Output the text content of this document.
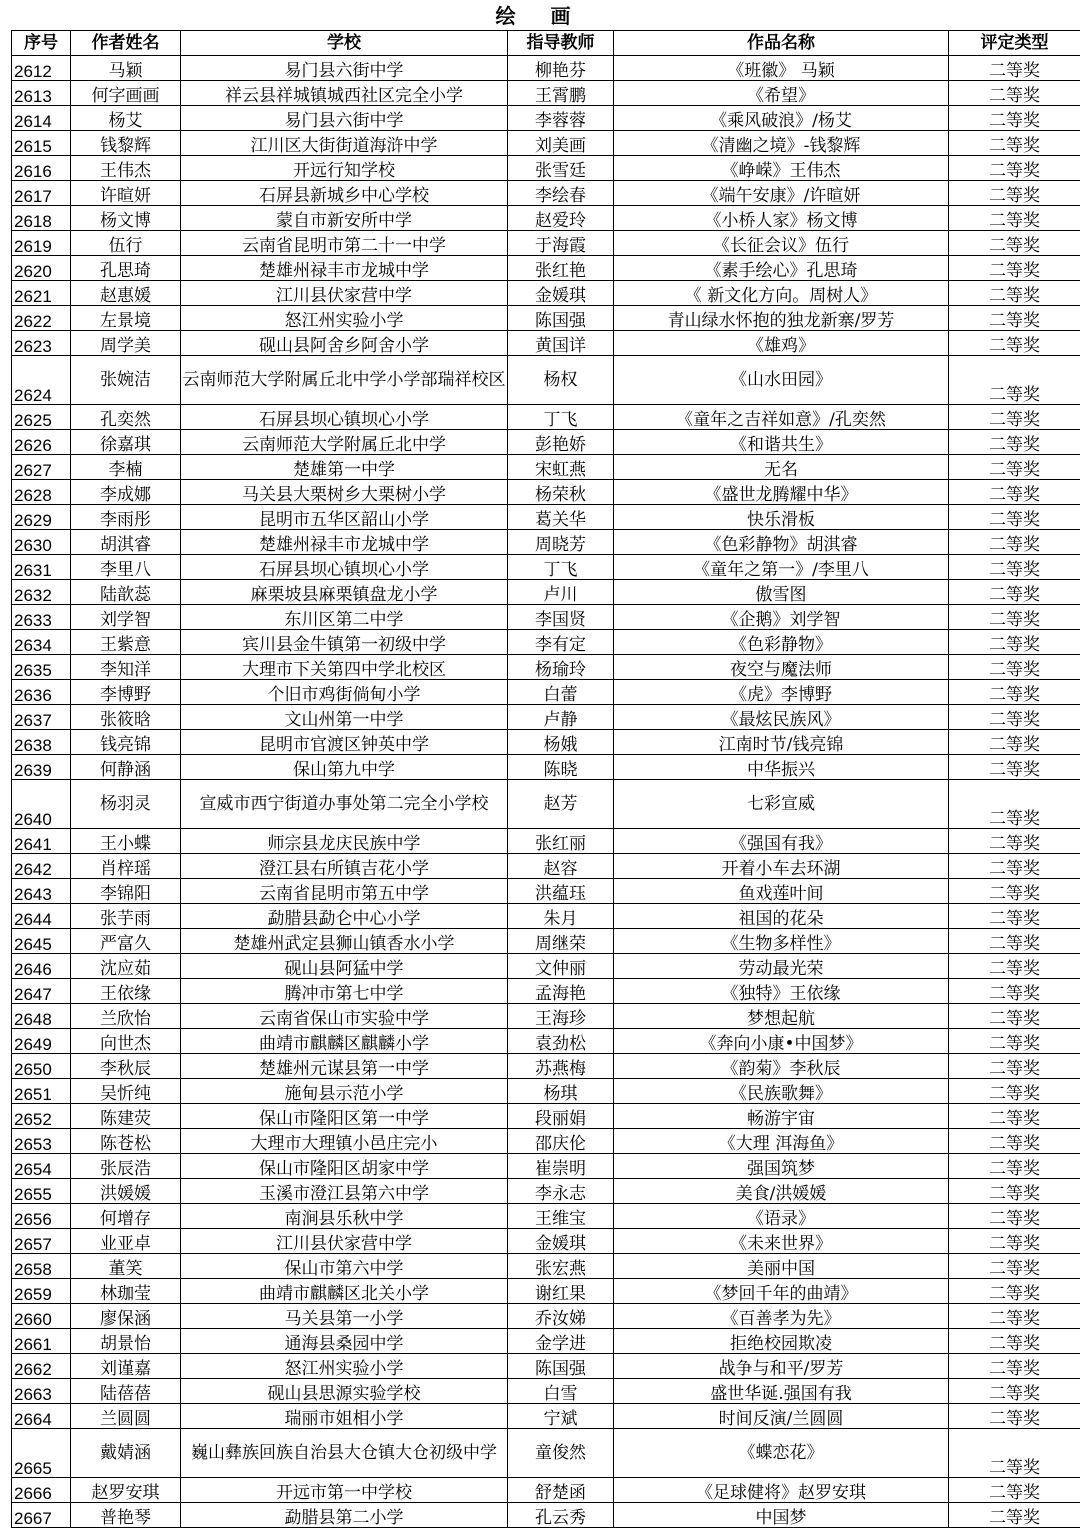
绘 画
序号	作者姓名	学校	指导教师	作品名称	评定类型
2612	马颖	易门县六街中学	柳艳芬	《班徽》 马颖	二等奖
2613	何字画画	祥云县祥城镇城西社区完全小学	王霄鹏	《希望》	二等奖
2614	杨艾	易门县六街中学	李蓉蓉	《乘风破浪》/杨艾	二等奖
2615	钱黎辉	江川区大街街道海浒中学	刘美画	《清幽之境》-钱黎辉	二等奖
2616	王伟杰	开远行知学校	张雪廷	《峥嵘》王伟杰	二等奖
2617	许暄妍	石屏县新城乡中心学校	李绘春	《端午安康》/许暄妍	二等奖
2618	杨文博	蒙自市新安所中学	赵爱玲	《小桥人家》杨文博	二等奖
2619	伍行	云南省昆明市第二十一中学	于海霞	《长征会议》伍行	二等奖
2620	孔思琦	楚雄州禄丰市龙城中学	张红艳	《素手绘心》孔思琦	二等奖
2621	赵惠媛	江川县伏家营中学	金媛琪	《 新文化方向。周树人》	二等奖
2622	左景境	怒江州实验小学	陈国强	青山绿水怀抱的独龙新寨/罗芳	二等奖
2623	周学美	砚山县阿舍乡阿舍小学	黄国详	《雄鸡》	二等奖
2624	张婉洁	云南师范大学附属丘北中学小学部瑞祥校区	杨权	《山水田园》	二等奖
2625	孔奕然	石屏县坝心镇坝心小学	丁飞	《童年之吉祥如意》/孔奕然	二等奖
2626	徐嘉琪	云南师范大学附属丘北中学	彭艳娇	《和谐共生》	二等奖
2627	李楠	楚雄第一中学	宋虹燕	无名	二等奖
2628	李成娜	马关县大栗树乡大栗树小学	杨荣秋	《盛世龙腾耀中华》	二等奖
2629	李雨彤	昆明市五华区韶山小学	葛关华	快乐滑板	二等奖
2630	胡淇睿	楚雄州禄丰市龙城中学	周晓芳	《色彩静物》胡淇睿	二等奖
2631	李里八	石屏县坝心镇坝心小学	丁飞	《童年之第一》/李里八	二等奖
2632	陆歆蕊	麻栗坡县麻栗镇盘龙小学	卢川	傲雪图	二等奖
2633	刘学智	东川区第二中学	李国贤	《企鹅》刘学智	二等奖
2634	王紫意	宾川县金牛镇第一初级中学	李有定	《色彩静物》	二等奖
2635	李知洋	大理市下关第四中学北校区	杨瑜玲	夜空与魔法师	二等奖
2636	李博野	个旧市鸡街倘甸小学	白蕾	《虎》李博野	二等奖
2637	张筱晗	文山州第一中学	卢静	《最炫民族风》	二等奖
2638	钱亮锦	昆明市官渡区钟英中学	杨娥	江南时节/钱亮锦	二等奖
2639	何静涵	保山第九中学	陈晓	中华振兴	二等奖
2640	杨羽灵	宣威市西宁街道办事处第二完全小学校	赵芳	七彩宣威	二等奖
2641	王小蝶	师宗县龙庆民族中学	张红丽	《强国有我》	二等奖
2642	肖梓瑶	澄江县右所镇吉花小学	赵容	开着小车去环湖	二等奖
2643	李锦阳	云南省昆明市第五中学	洪蕴珏	鱼戏莲叶间	二等奖
2644	张芋雨	勐腊县勐仑中心小学	朱月	祖国的花朵	二等奖
2645	严富久	楚雄州武定县狮山镇香水小学	周继荣	《生物多样性》	二等奖
2646	沈应茹	砚山县阿猛中学	文仲丽	劳动最光荣	二等奖
2647	王依缘	腾冲市第七中学	孟海艳	《独特》王依缘	二等奖
2648	兰欣怡	云南省保山市实验中学	王海珍	梦想起航	二等奖
2649	向世杰	曲靖市麒麟区麒麟小学	袁劲松	《奔向小康•中国梦》	二等奖
2650	李秋辰	楚雄州元谋县第一中学	苏燕梅	《韵菊》李秋辰	二等奖
2651	吴忻纯	施甸县示范小学	杨琪	《民族歌舞》	二等奖
2652	陈建荧	保山市隆阳区第一中学	段丽娟	畅游宇宙	二等奖
2653	陈苍松	大理市大理镇小邑庄完小	邵庆伦	《大理 洱海鱼》	二等奖
2654	张辰浩	保山市隆阳区胡家中学	崔崇明	强国筑梦	二等奖
2655	洪媛媛	玉溪市澄江县第六中学	李永志	美食/洪媛媛	二等奖
2656	何增存	南涧县乐秋中学	王维宝	《语录》	二等奖
2657	业亚卓	江川县伏家营中学	金媛琪	《未来世界》	二等奖
2658	董笑	保山市第六中学	张宏燕	美丽中国	二等奖
2659	林珈莹	曲靖市麒麟区北关小学	谢红果	《梦回千年的曲靖》	二等奖
2660	廖保涵	马关县第一小学	乔汝娣	《百善孝为先》	二等奖
2661	胡景怡	通海县桑园中学	金学进	拒绝校园欺凌	二等奖
2662	刘谨嘉	怒江州实验小学	陈国强	战争与和平/罗芳	二等奖
2663	陆蓓蓓	砚山县思源实验学校	白雪	盛世华诞.强国有我	二等奖
2664	兰圆圆	瑞丽市姐相小学	宁斌	时间反演/兰圆圆	二等奖
2665	戴婧涵	巍山彝族回族自治县大仓镇大仓初级中学	童俊然	《蝶恋花》	二等奖
2666	赵罗安琪	开远市第一中学校	舒楚函	《足球健将》赵罗安琪	二等奖
2667	普艳琴	勐腊县第二小学	孔云秀	中国梦	二等奖
